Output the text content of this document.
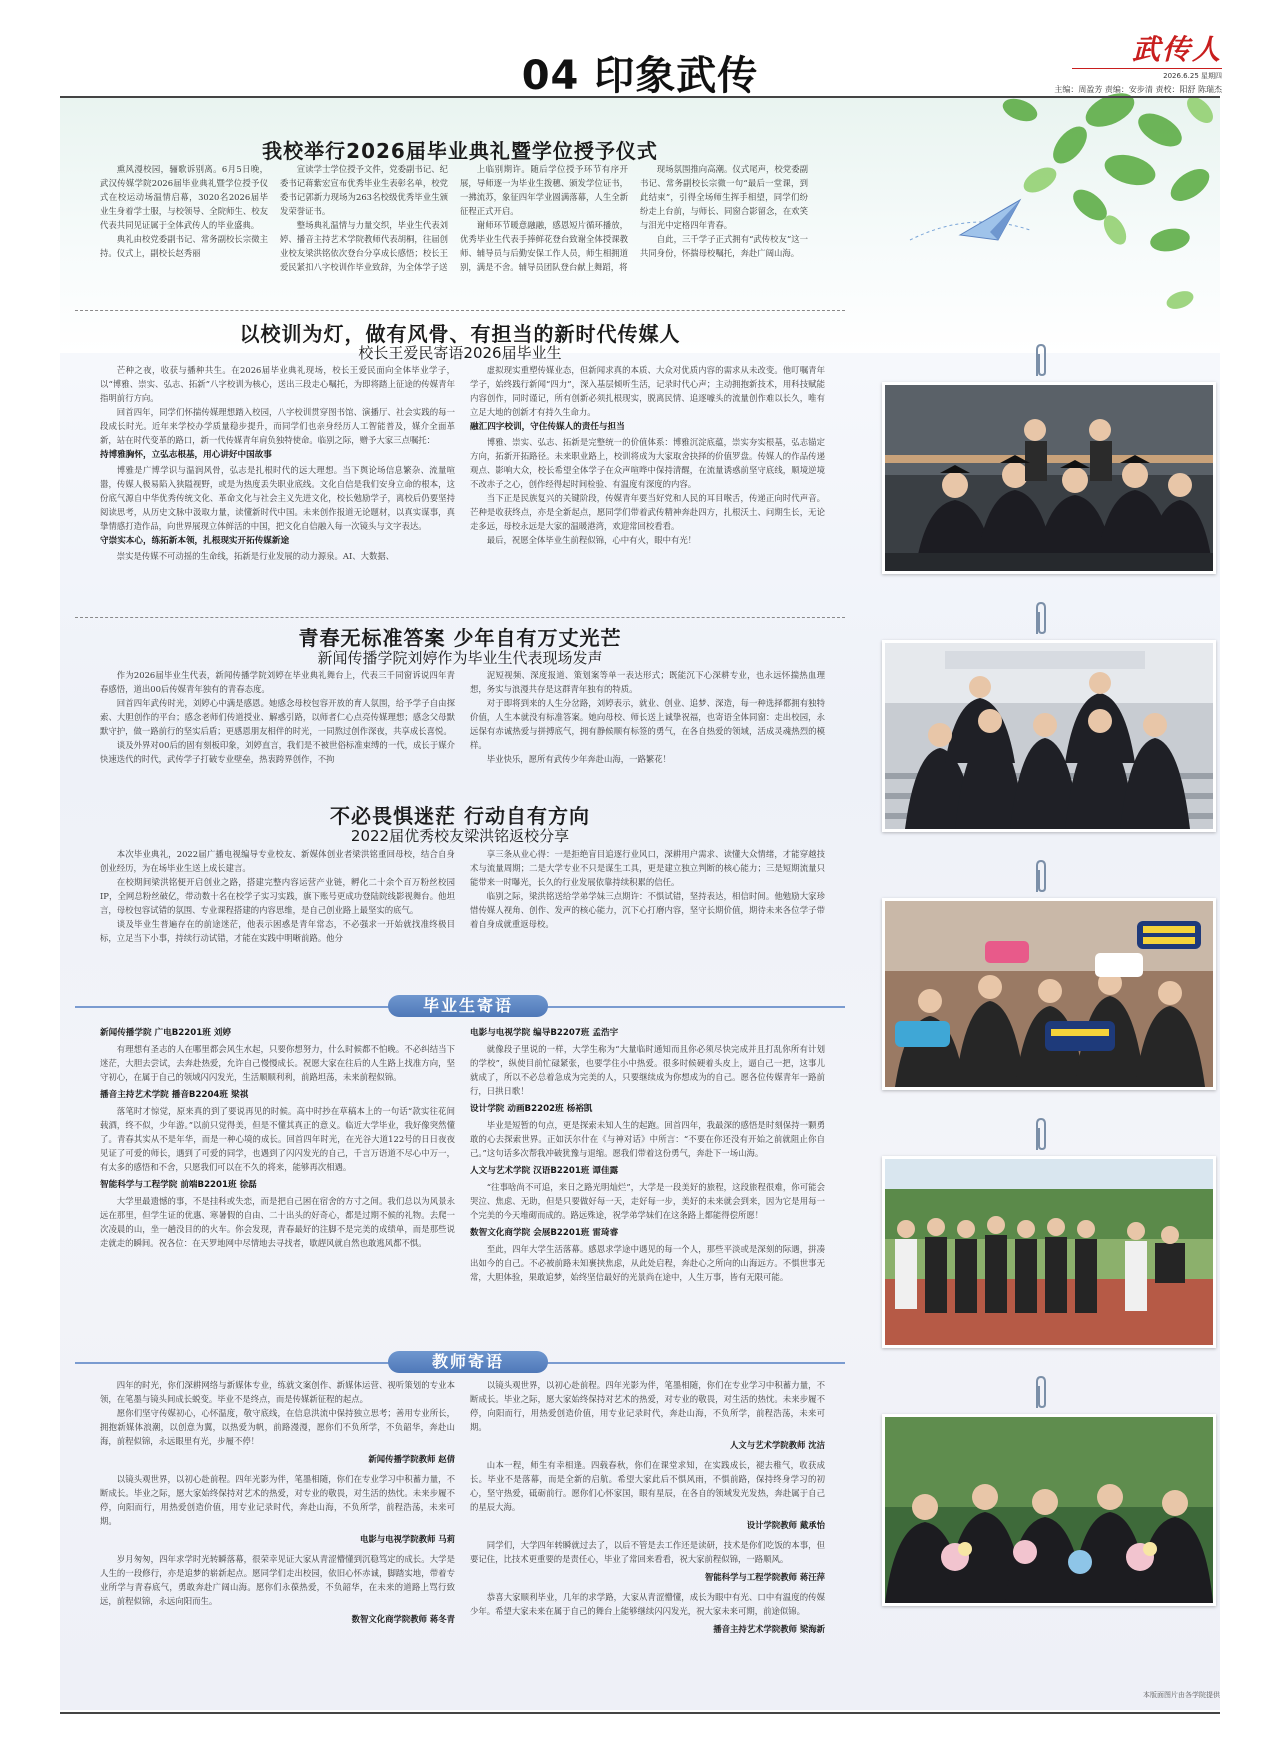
04 印象武传
武传人
2026.6.25 星期四
主编：周盈芳 责编：安步清 责校：阳舒 陈瑞杰
我校举行2026届毕业典礼暨学位授予仪式

熏风漫校园，骊歌诉别离。6月5日晚，武汉传媒学院2026届毕业典礼暨学位授予仪式在校运动场温情启幕，3020名2026届毕业生身着学士服，与校领导、全院师生、校友代表共同见证属于全体武传人的毕业盛典。

典礼由校党委副书记、常务副校长宗微主持。仪式上，副校长赵秀丽

宣读学士学位授予文件，党委副书记、纪委书记蒋紫宏宣布优秀毕业生表彰名单，校党委书记郭新力现场为263名校级优秀毕业生颁发荣誉证书。

整场典礼温情与力量交织，毕业生代表刘婷、播音主持艺术学院教师代表胡桐，往届创业校友梁洪铭依次登台分享成长感悟；校长王爱民紧扣八字校训作毕业致辞，为全体学子送

上临别期许。随后学位授予环节有序开展，导师逐一为毕业生拨穗、颁发学位证书，一拂流苏，象征四年学业圆满落幕，人生全新征程正式开启。

谢师环节暖意融融，感恩短片循环播放，优秀毕业生代表手捧鲜花登台致谢全体授课教师、辅导员与后勤安保工作人员，师生相拥道别，满是不舍。辅导员团队登台献上舞蹈，将

现场氛围推向高潮。仪式尾声，校党委副书记、常务副校长宗微一句“最后一堂课，到此结束”，引得全场师生挥手相望，同学们纷纷走上台前，与师长、同窗合影留念，在欢笑与泪光中定格四年青春。

自此，三千学子正式拥有“武传校友”这一共同身份，怀揣母校嘱托，奔赴广阔山海。

以校训为灯，做有风骨、有担当的新时代传媒人
校长王爱民寄语2026届毕业生

芒种之夜，收获与播种共生。在2026届毕业典礼现场，校长王爱民面向全体毕业学子，以“博雅、崇实、弘志、拓新”八字校训为核心，送出三段走心嘱托，为即将踏上征途的传媒青年指明前行方向。

回首四年，同学们怀揣传媒理想踏入校园，八字校训贯穿图书馆、演播厅、社会实践的每一段成长时光。近年来学校办学质量稳步提升，而同学们也亲身经历人工智能普及，媒介全面革新，站在时代变革的路口，新一代传媒青年肩负独特使命。临别之际，赠予大家三点嘱托：

持博雅胸怀，立弘志根基，用心讲好中国故事

博雅是广博学识与温润风骨，弘志是扎根时代的远大理想。当下舆论场信息繁杂、流量喧嚣，传媒人极易陷入狭隘视野，或是为热度丢失职业底线。文化自信是我们安身立命的根本，这份底气源自中华优秀传统文化、革命文化与社会主义先进文化，校长勉励学子，离校后仍要坚持阅读思考，从历史文脉中汲取力量，读懂新时代中国。未来创作报道无论题材，以真实谋事，真挚情感打造作品，向世界展现立体鲜活的中国，把文化自信融入每一次镜头与文字表达。

守崇实本心，练拓新本领，扎根现实开拓传媒新途

崇实是传媒不可动摇的生命线，拓新是行业发展的动力源泉。AI、大数据、

虚拟现实重塑传媒业态，但新闻求真的本质、大众对优质内容的需求从未改变。他叮嘱青年学子，始终践行新闻“四力”，深入基层倾听生活，记录时代心声；主动拥抱新技术，用科技赋能内容创作，同时谨记，所有创新必须扎根现实，脱离民情、追逐噱头的流量创作难以长久，唯有立足大地的创新才有持久生命力。

融汇四字校训，守住传媒人的责任与担当

博雅、崇实、弘志、拓新是完整统一的价值体系：博雅沉淀底蕴，崇实夯实根基，弘志锚定方向，拓新开拓路径。未来职业路上，校训将成为大家取舍抉择的价值罗盘。传媒人的作品传递观点、影响大众，校长希望全体学子在众声喧哗中保持清醒，在流量诱惑前坚守底线，顺境逆境不改赤子之心，创作经得起时间检验、有温度有深度的内容。

当下正是民族复兴的关键阶段，传媒青年要当好党和人民的耳目喉舌，传递正向时代声音。芒种是收获终点，亦是全新起点，愿同学们带着武传精神奔赴四方，扎根沃土、问期生长，无论走多远，母校永远是大家的温暖港湾，欢迎常回校看看。

最后，祝愿全体毕业生前程似锦，心中有火，眼中有光！

青春无标准答案 少年自有万丈光芒
新闻传播学院刘婷作为毕业生代表现场发声

作为2026届毕业生代表，新闻传播学院刘婷在毕业典礼舞台上，代表三千同窗诉说四年青春感悟，道出00后传媒青年独有的青春态度。

回首四年武传时光，刘婷心中满是感恩。她感念母校包容开放的育人氛围，给予学子自由探索、大胆创作的平台；感念老师们传道授业、解惑引路，以师者仁心点亮传媒理想；感念父母默默守护，做一路前行的坚实后盾；更感恩朋友相伴的时光，一同熬过创作深夜，共享成长喜悦。

谈及外界对00后的固有刻板印象，刘婷直言，我们是不被世俗标准束缚的一代，成长于媒介快速迭代的时代，武传学子打破专业壁垒，热衷跨界创作，不拘

泥短视频、深度报道、策划案等单一表达形式；既能沉下心深耕专业，也永远怀揣热血理想，务实与浪漫共存是这群青年独有的特质。

对于即将到来的人生分岔路，刘婷表示，就业、创业、追梦、深造，每一种选择都拥有独特价值，人生本就没有标准答案。她向母校、师长送上诚挚祝福，也寄语全体同窗：走出校园，永远保有赤诚热爱与拼搏底气，拥有静候顺有标签的勇气，在各自热爱的领域，活成灵魂热烈的模样。

毕业快乐，愿所有武传少年奔赴山海，一路繁花！

不必畏惧迷茫 行动自有方向
2022届优秀校友梁洪铭返校分享

本次毕业典礼，2022届广播电视编导专业校友、新媒体创业者梁洪铭重回母校，结合自身创业经历，为在场毕业生送上成长建言。

在校期间梁洪铭便开启创业之路，搭建完整内容运营产业链，孵化二十余个百万粉丝校园IP，全网总粉丝破亿，带动数十名在校学子实习实践，旗下账号更成功登陆院线影视舞台。他坦言，母校包容试错的氛围、专业课程搭建的内容思维，是自己创业路上最坚实的底气。

谈及毕业生普遍存在的前途迷茫，他表示困惑是青年常态，不必强求一开始就找准终极目标，立足当下小事，持续行动试错，才能在实践中明晰前路。他分

享三条从业心得：一是拒绝盲目追逐行业风口，深耕用户需求、读懂大众情绪，才能穿越技术与流量周期；二是大学专业不只是谋生工具，更是建立独立判断的核心能力；三是短期流量只能带来一时曝光，长久的行业发展依靠持续积累的信任。

临别之际，梁洪铭送给学弟学妹三点期许：不惧试错，坚持表达，相信时间。他勉励大家珍惜传媒人视角、创作、发声的核心能力，沉下心打磨内容，坚守长期价值，期待未来各位学子带着自身成就重返母校。

毕业生寄语
新闻传播学院 广电B2201班 刘婷

有理想有圣志的人在哪里都会风生水起，只要你想努力，什么时候都不怕晚。不必纠结当下迷茫，大胆去尝试，去奔赴热爱，允许自己慢慢成长。祝愿大家在往后的人生路上找准方向，坚守初心，在属于自己的领域闪闪发光，生活顺顺利利，前路坦荡，未来前程似锦。

播音主持艺术学院 播音B2204班 梁祺

落笔时才惊觉，原来真的到了要说再见的时候。高中时抄在草稿本上的一句话“款实往花间载酒，终不似，少年游。”以前只觉得美，但是不懂其真正的意义。临近大学毕业，我好像突然懂了。青春其实从不是年华，而是一种心境的成长。回首四年时光，在光谷大道122号的日日夜夜见证了可爱的师长，遇到了可爱的同学，也遇到了闪闪发光的自己，千言万语道不尽心中万一，有太多的感悟和不舍，只愿我们可以在不久的将来，能够再次相遇。

智能科学与工程学院 前端B2201班 徐磊

大学里最遗憾的事，不是挂科或失恋，而是把自己困在宿舍的方寸之间。我们总以为风景永远在那里，但学生证的优惠、寒暑假的自由、二十出头的好奇心，都是过期不候的礼物。去爬一次凌晨的山，坐一趟没目的的火车。你会发现，青春最好的注脚不是完美的成绩单，而是那些说走就走的瞬间。祝各位：在天罗地网中尽情地去寻找者，歇趕风就自然也敢逃风都不惧。

电影与电视学院 编导B2207班 孟浩宇

就像段子里说的一样，大学生称为“大量临时通知而且你必须尽快完成并且打乱你所有计划的学校”，纵使目前忙碌紧张，也要学住小中热爱。很多时候硬着头皮上，逼自己一把，这事儿就成了，所以不必总着急成为完美的人，只要继续成为你想成为的自己。愿各位传媒青年一路前行，日拱日歌！

设计学院 动画B2202班 杨裕凯

毕业是短暂的句点，更是探索未知人生的起跑。回首四年，我最深的感悟是时刻保持一颗勇敢的心去探索世界。正如沃尔什在《与神对话》中所言：“不要在你还没有开始之前就阻止你自己。”这句话多次帮我冲破犹豫与退缩。愿我们带着这份勇气，奔赴下一场山海。

人文与艺术学院 汉语B2201班 谭佳露

“往事啥尚不可追，来日之路光明灿烂”，大学是一段美好的旅程，这段旅程很难，你可能会哭泣、焦虑、无助，但是只要做好每一天，走好每一步，美好的未来就会到来，因为它是用每一个完美的今天堆砌而成的。路远殊途，祝学弟学妹们在这条路上都能得偿所愿！

数智文化商学院 会展B2201班 雷琦睿

至此，四年大学生活落幕。感恩求学途中遇见的每一个人，那些平淡或是深刻的际遇，拼凑出如今的自己。不必被前路未知裹挟焦虑，从此处启程，奔赴心之所向的山海远方。不惧世事无常，大胆体验，果敢追梦，始终坚信最好的光景尚在途中，人生万事，皆有无限可能。

教师寄语

四年的时光，你们深耕网络与新媒体专业，练就文案创作、新媒体运营、视听策划的专业本领，在笔墨与镜头间成长蜕变。毕业不是终点，而是传媒新征程的起点。

愿你们坚守传媒初心，心怀温度，敬守底线，在信息洪流中保持独立思考；善用专业所长，拥抱新媒体浪潮，以创意为翼，以热爱为帆，前路漫漫，愿你们不负所学，不负韶华，奔赴山海，前程似锦，永远眼里有光，步履不停！

新闻传播学院教师 赵倩

以镜头观世界，以初心赴前程。四年光影为伴，笔墨相随，你们在专业学习中积蓄力量，不断成长。毕业之际，愿大家始终保持对艺术的热爱，对专业的敬畏，对生活的热忱。未来步履不停，向阳而行，用热爱创造价值，用专业记录时代，奔赴山海，不负所学，前程浩荡，未来可期。

电影与电视学院教师 马莉

岁月匆匆，四年求学时光转瞬落幕，很荣幸见证大家从青涩懵懂到沉稳笃定的成长。大学是人生的一段修行，亦是追梦的崭新起点。愿同学们走出校园，依旧心怀赤诚，脚踏实地，带着专业所学与青春底气，勇敢奔赴广阔山海。愿你们永葆热爱，不负韶华，在未来的道路上骂行致远，前程似锦，永远向阳而生。

数智文化商学院教师 蒋冬青

以镜头观世界，以初心赴前程。四年光影为伴，笔墨相随，你们在专业学习中积蓄力量，不断成长。毕业之际，愿大家始终保持对艺术的热爱，对专业的敬畏，对生活的热忱。未来步履不停，向阳而行，用热爱创造价值，用专业记录时代，奔赴山海，不负所学，前程浩荡，未来可期。

人文与艺术学院教师 沈洁

山本一程，师生有幸相逢。四载春秋，你们在课堂求知，在实践成长，褪去稚气，收获成长。毕业不是落幕，而是全新的启航。希望大家此后不惧风雨，不惧前路，保持终身学习的初心，坚守热爱，砥砺前行。愿你们心怀家国，眼有星辰，在各自的领域发光发热，奔赴属于自己的星辰大海。

设计学院教师 戴承怡

同学们，大学四年转瞬就过去了，以后不管是去工作还是读研，技术是你们吃饭的本事，但要记住，比技术更重要的是责任心，毕业了常回来看看，祝大家前程似锦，一路顺风。

智能科学与工程学院教师 蒋汪萍

恭喜大家顺利毕业，几年的求学路，大家从青涩懵懂，成长为眼中有光、口中有温度的传媒少年。希望大家未来在属于自己的舞台上能够继续闪闪发光，祝大家未来可期，前途似锦。

播音主持艺术学院教师 梁海新
本版面图片由各学院提供
